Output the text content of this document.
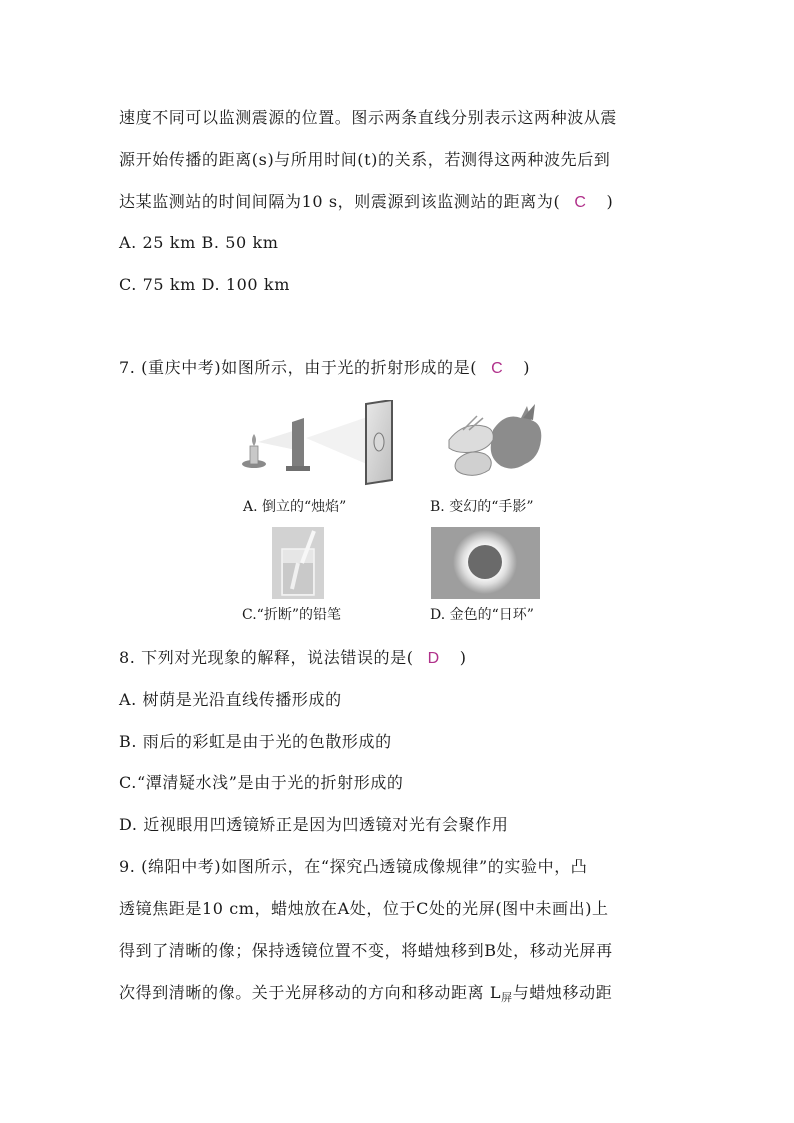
速度不同可以监测震源的位置。图示两条直线分别表示这两种波从震
源开始传播的距离(s)与所用时间(t)的关系，若测得这两种波先后到
达某监测站的时间间隔为10 s，则震源到该监测站的距离为( C )
A. 25 km B. 50 km
C. 75 km D. 100 km
7. (重庆中考)如图所示，由于光的折射形成的是( C )
A. 倒立的“烛焰”	B. 变幻的“手影”
C.“折断”的铅笔	D. 金色的“日环”
8. 下列对光现象的解释，说法错误的是( D )
A. 树荫是光沿直线传播形成的
B. 雨后的彩虹是由于光的色散形成的
C.“潭清疑水浅”是由于光的折射形成的
D. 近视眼用凹透镜矫正是因为凹透镜对光有会聚作用
9. (绵阳中考)如图所示，在“探究凸透镜成像规律”的实验中，凸
透镜焦距是10 cm，蜡烛放在A处，位于C处的光屏(图中未画出)上
得到了清晰的像；保持透镜位置不变，将蜡烛移到B处，移动光屏再
次得到清晰的像。关于光屏移动的方向和移动距离 $L_屏$与蜡烛移动距
